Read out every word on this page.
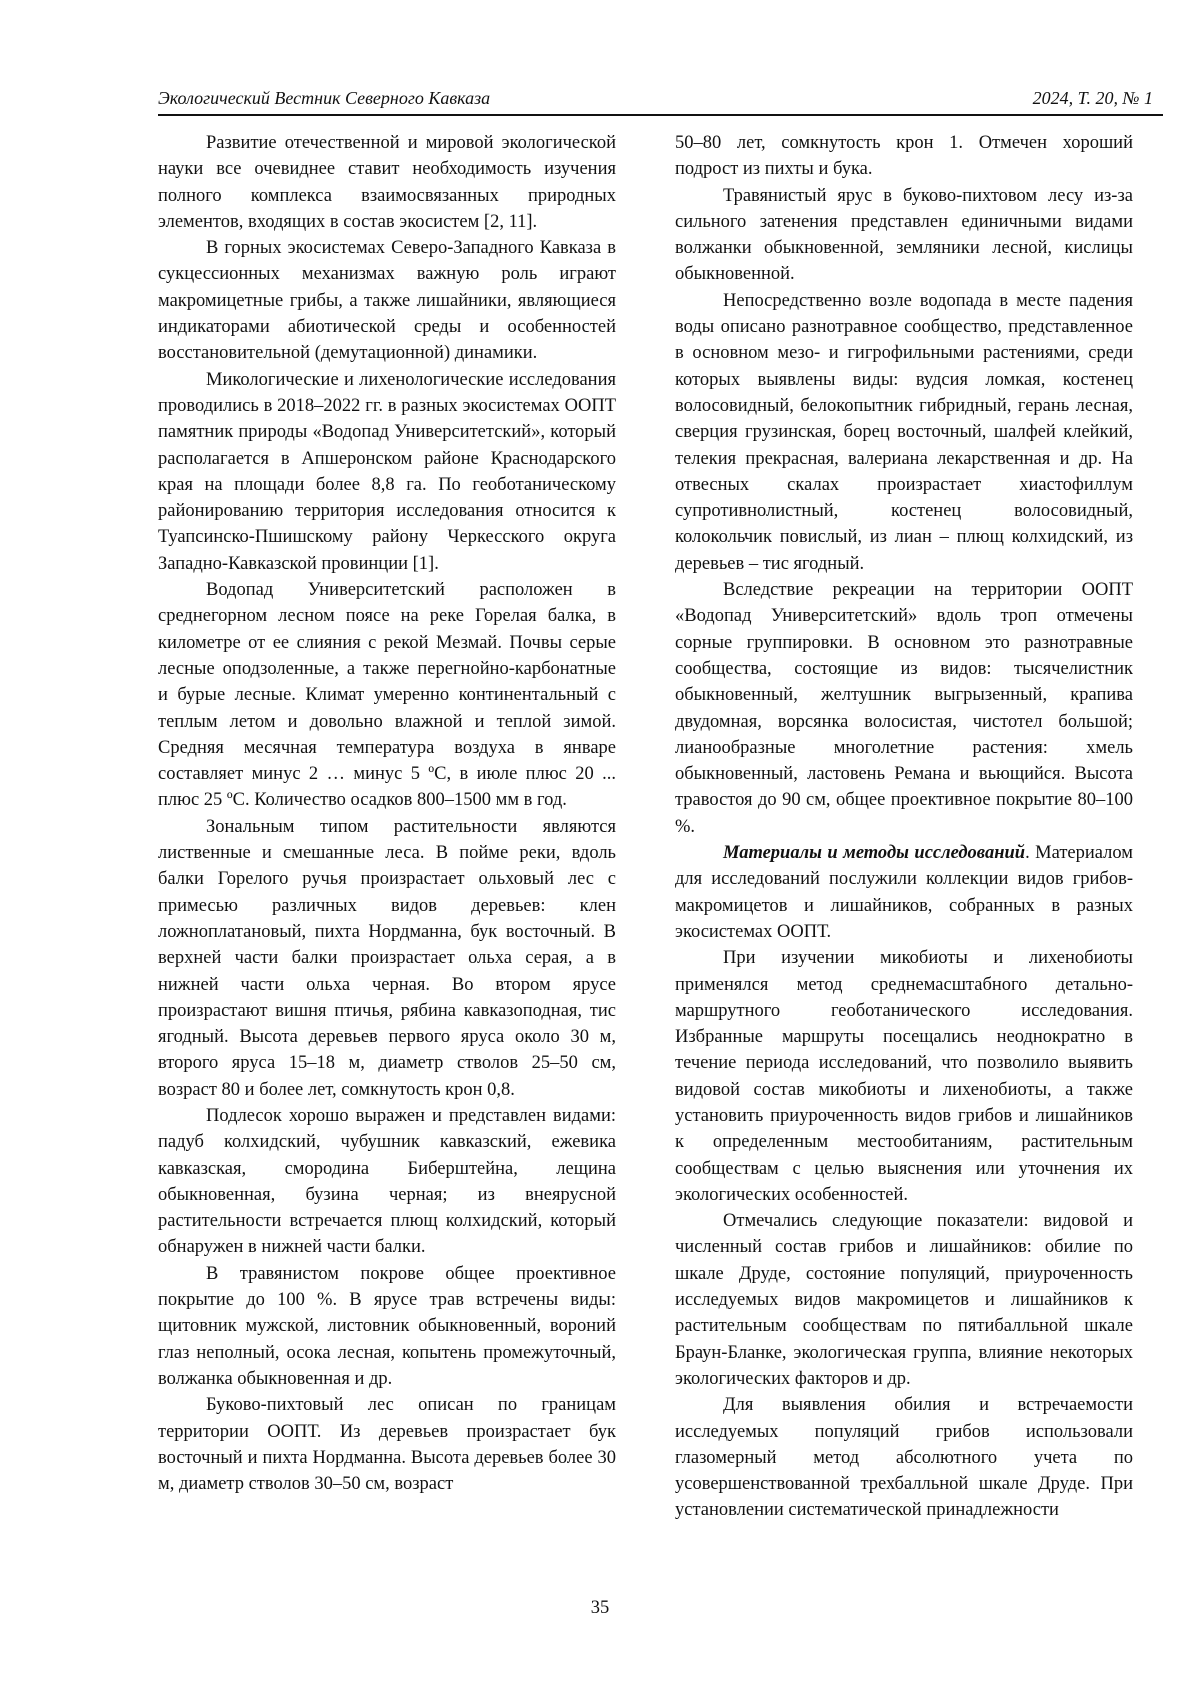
Экологический Вестник Северного Кавказа	2024, Т. 20, № 1

Развитие отечественной и мировой экологической науки все очевиднее ставит необходимость изучения полного комплекса взаимосвязанных природных элементов, входящих в состав экосистем [2, 11].

В горных экосистемах Северо-Западного Кавказа в сукцессионных механизмах важную роль играют макромицетные грибы, а также лишайники, являющиеся индикаторами абиотической среды и особенностей восстановительной (демутационной) динамики.

Микологические и лихенологические исследования проводились в 2018–2022 гг. в разных экосистемах ООПТ памятник природы «Водопад Университетский», который располагается в Апшеронском районе Краснодарского края на площади более 8,8 га. По геоботаническому районированию территория исследования относится к Туапсинско-Пшишскому району Черкесского округа Западно-Кавказской провинции [1].

Водопад Университетский расположен в среднегорном лесном поясе на реке Горелая балка, в километре от ее слияния с рекой Мезмай. Почвы серые лесные оподзоленные, а также перегнойно-карбонатные и бурые лесные. Климат умеренно континентальный с теплым летом и довольно влажной и теплой зимой. Средняя месячная температура воздуха в январе составляет минус 2 … минус 5 ºС, в июле плюс 20 ... плюс 25 ºС. Количество осадков 800–1500 мм в год.

Зональным типом растительности являются лиственные и смешанные леса. В пойме реки, вдоль балки Горелого ручья произрастает ольховый лес с примесью различных видов деревьев: клен ложноплатановый, пихта Нордманна, бук восточный. В верхней части балки произрастает ольха серая, а в нижней части ольха черная. Во втором ярусе произрастают вишня птичья, рябина кавказоподная, тис ягодный. Высота деревьев первого яруса около 30 м, второго яруса 15–18 м, диаметр стволов 25–50 см, возраст 80 и более лет, сомкнутость крон 0,8.

Подлесок хорошо выражен и представлен видами: падуб колхидский, чубушник кавказский, ежевика кавказская, смородина Биберштейна, лещина обыкновенная, бузина черная; из внеярусной растительности встречается плющ колхидский, который обнаружен в нижней части балки.

В травянистом покрове общее проективное покрытие до 100 %. В ярусе трав встречены виды: щитовник мужской, листовник обыкновенный, вороний глаз неполный, осока лесная, копытень промежуточный, волжанка обыкновенная и др.

Буково-пихтовый лес описан по границам территории ООПТ. Из деревьев произрастает бук восточный и пихта Нордманна. Высота деревьев более 30 м, диаметр стволов 30–50 см, возраст

50–80 лет, сомкнутость крон 1. Отмечен хороший подрост из пихты и бука.

Травянистый ярус в буково-пихтовом лесу из-за сильного затенения представлен единичными видами волжанки обыкновенной, земляники лесной, кислицы обыкновенной.

Непосредственно возле водопада в месте падения воды описано разнотравное сообщество, представленное в основном мезо- и гигрофильными растениями, среди которых выявлены виды: вудсия ломкая, костенец волосовидный, белокопытник гибридный, герань лесная, сверция грузинская, борец восточный, шалфей клейкий, телекия прекрасная, валериана лекарственная и др. На отвесных скалах произрастает хиастофиллум супротивнолистный, костенец волосовидный, колокольчик повислый, из лиан – плющ колхидский, из деревьев – тис ягодный.

Вследствие рекреации на территории ООПТ «Водопад Университетский» вдоль троп отмечены сорные группировки. В основном это разнотравные сообщества, состоящие из видов: тысячелистник обыкновенный, желтушник выгрызенный, крапива двудомная, ворсянка волосистая, чистотел большой; лианообразные многолетние растения: хмель обыкновенный, ластовень Ремана и вьющийся. Высота травостоя до 90 см, общее проективное покрытие 80–100 %.

Материалы и методы исследований. Материалом для исследований послужили коллекции видов грибов-макромицетов и лишайников, собранных в разных экосистемах ООПТ.

При изучении микобиоты и лихенобиоты применялся метод среднемасштабного детально-маршрутного геоботанического исследования. Избранные маршруты посещались неоднократно в течение периода исследований, что позволило выявить видовой состав микобиоты и лихенобиоты, а также установить приуроченность видов грибов и лишайников к определенным местообитаниям, растительным сообществам с целью выяснения или уточнения их экологических особенностей.

Отмечались следующие показатели: видовой и численный состав грибов и лишайников: обилие по шкале Друде, состояние популяций, приуроченность исследуемых видов макромицетов и лишайников к растительным сообществам по пятибалльной шкале Браун-Бланке, экологическая группа, влияние некоторых экологических факторов и др.

Для выявления обилия и встречаемости исследуемых популяций грибов использовали глазомерный метод абсолютного учета по усовершенствованной трехбалльной шкале Друде. При установлении систематической принадлежности

35
